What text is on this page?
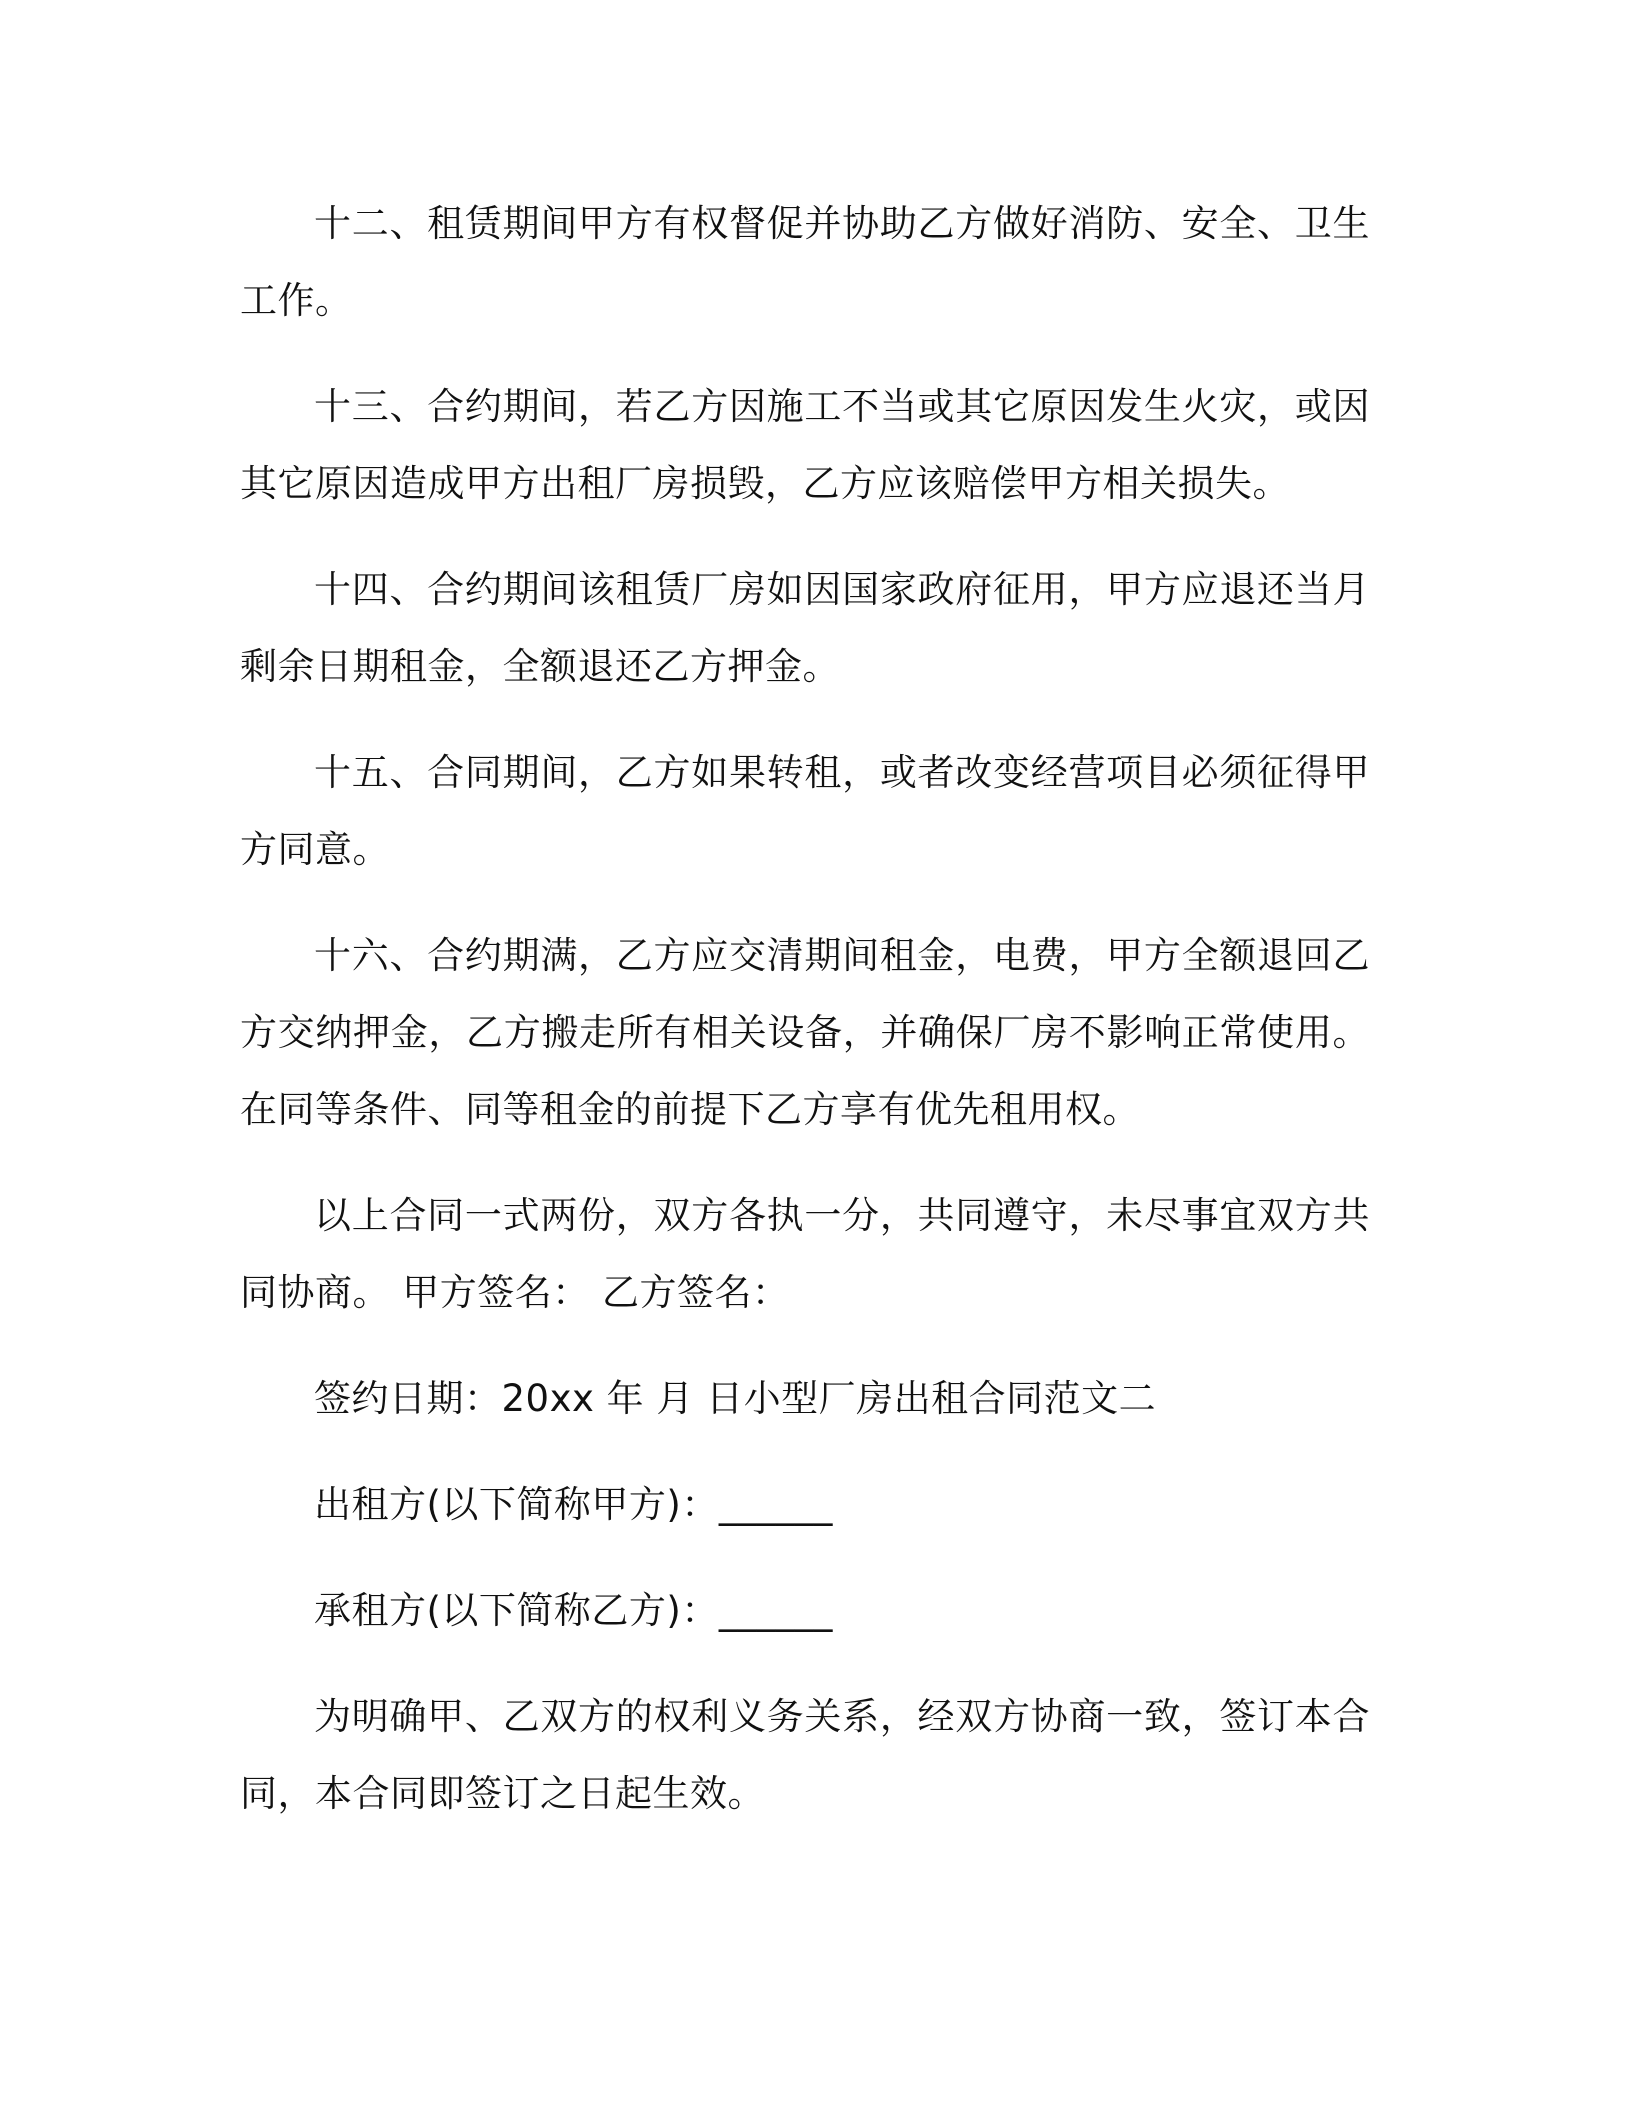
十二、租赁期间甲方有权督促并协助乙方做好消防、安全、卫生工作。

十三、合约期间，若乙方因施工不当或其它原因发生火灾，或因其它原因造成甲方出租厂房损毁，乙方应该赔偿甲方相关损失。

十四、合约期间该租赁厂房如因国家政府征用，甲方应退还当月剩余日期租金，全额退还乙方押金。

十五、合同期间，乙方如果转租，或者改变经营项目必须征得甲方同意。

十六、合约期满，乙方应交清期间租金，电费，甲方全额退回乙方交纳押金，乙方搬走所有相关设备，并确保厂房不影响正常使用。在同等条件、同等租金的前提下乙方享有优先租用权。

以上合同一式两份，双方各执一分，共同遵守，未尽事宜双方共同协商。 甲方签名： 乙方签名：

签约日期：20xx 年 月 日小型厂房出租合同范文二

出租方(以下简称甲方)：______

承租方(以下简称乙方)：______

为明确甲、乙双方的权利义务关系，经双方协商一致，签订本合同，本合同即签订之日起生效。
